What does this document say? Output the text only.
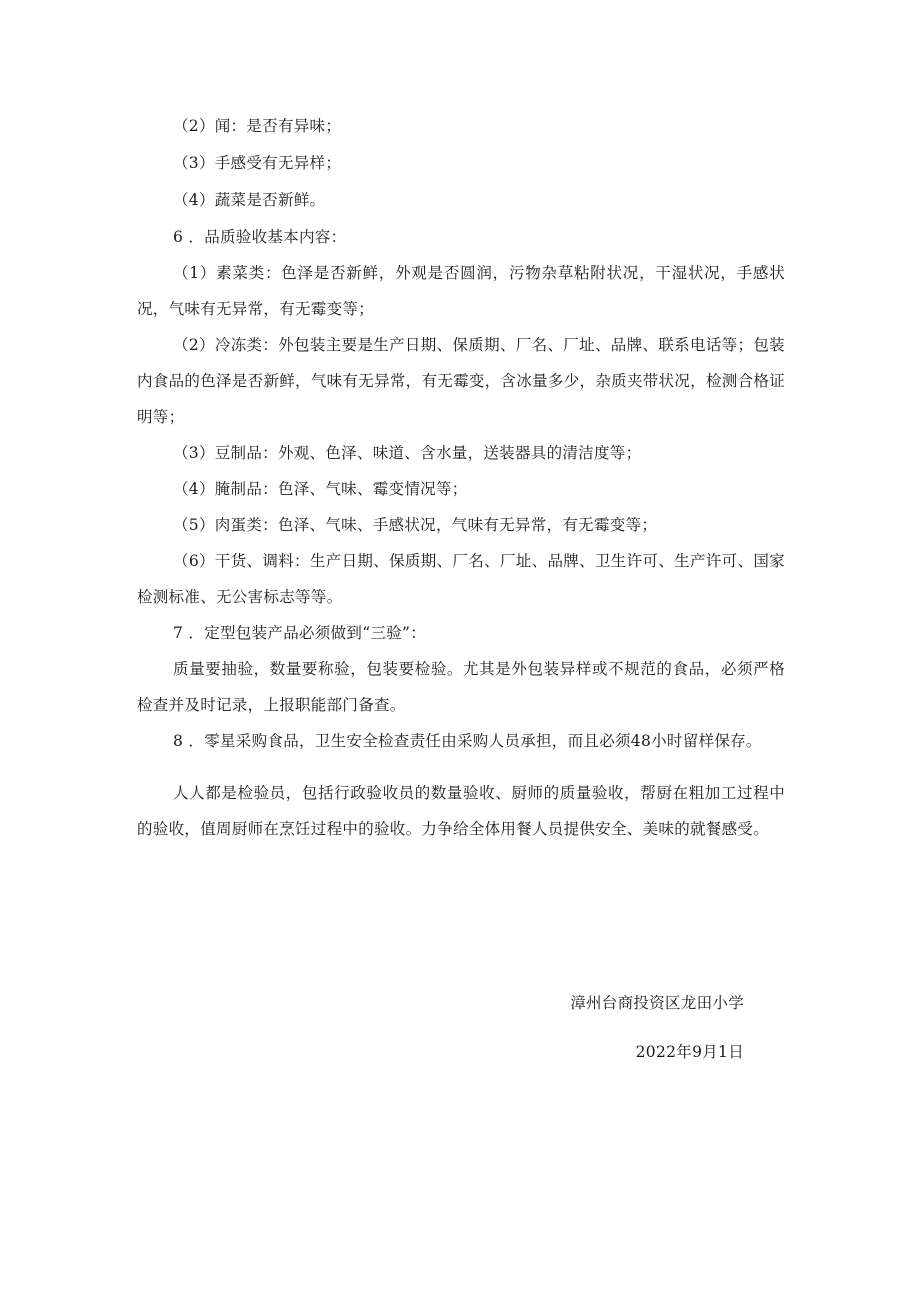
（2）闻：是否有异味；

（3）手感受有无异样；

（4）蔬菜是否新鲜。

6 ．品质验收基本内容：

（1）素菜类：色泽是否新鲜，外观是否圆润，污物杂草粘附状况，干湿状况，手感状况，气味有无异常，有无霉变等；

（2）冷冻类：外包装主要是生产日期、保质期、厂名、厂址、品牌、联系电话等；包装内食品的色泽是否新鲜，气味有无异常，有无霉变，含冰量多少，杂质夹带状况，检测合格证明等；

（3）豆制品：外观、色泽、味道、含水量，送装器具的清洁度等；

（4）腌制品：色泽、气味、霉变情况等；

（5）肉蛋类：色泽、气味、手感状况，气味有无异常，有无霉变等；

（6）干货、调料：生产日期、保质期、厂名、厂址、品牌、卫生许可、生产许可、国家检测标准、无公害标志等等。

7 ．定型包装产品必须做到“三验”：

质量要抽验，数量要称验，包装要检验。尤其是外包装异样或不规范的食品，必须严格检查并及时记录，上报职能部门备查。

8 ．零星采购食品，卫生安全检查责任由采购人员承担，而且必须48小时留样保存。

人人都是检验员，包括行政验收员的数量验收、厨师的质量验收，帮厨在粗加工过程中的验收，值周厨师在烹饪过程中的验收。力争给全体用餐人员提供安全、美味的就餐感受。

漳州台商投资区龙田小学
2022年9月1日
